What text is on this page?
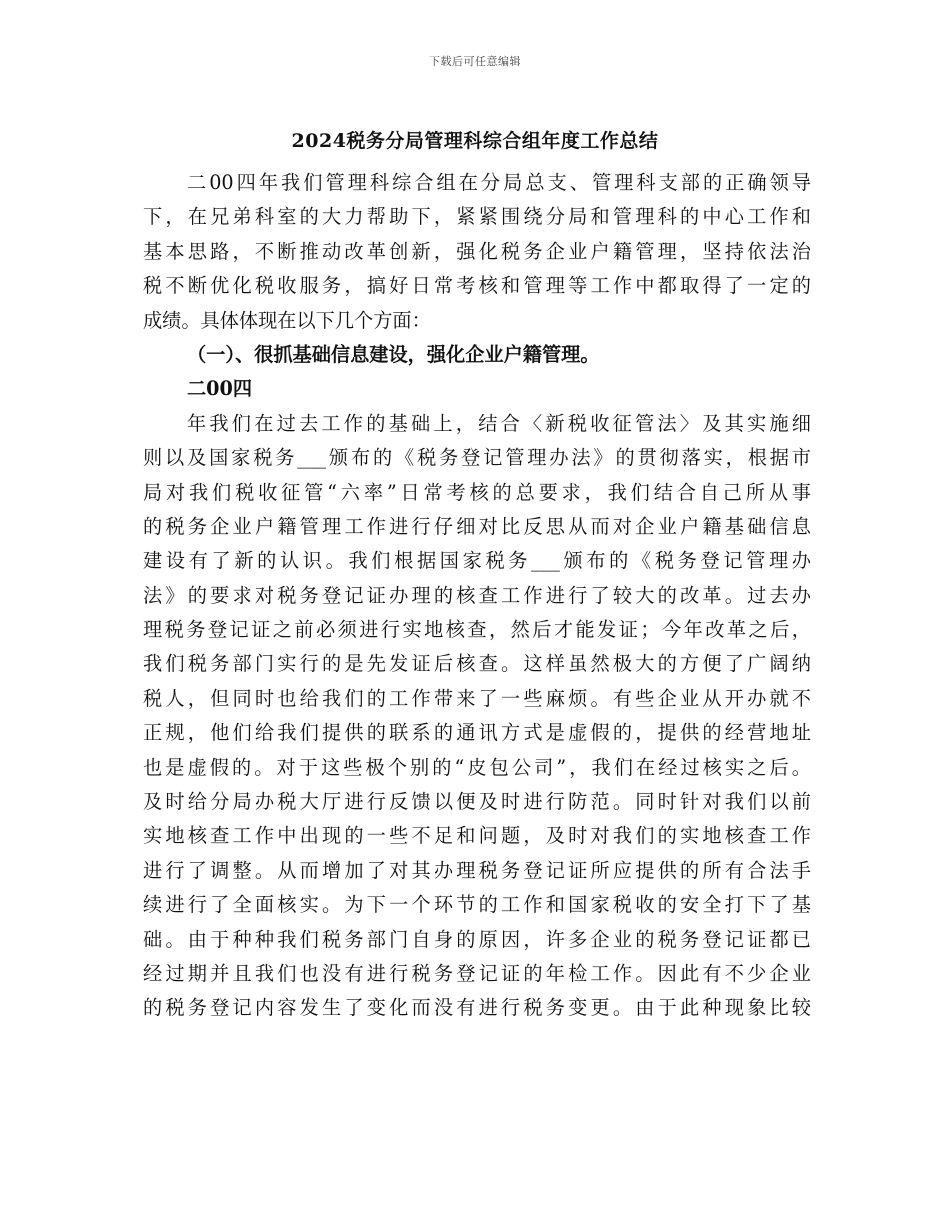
下载后可任意编辑
2024税务分局管理科综合组年度工作总结
二00四年我们管理科综合组在分局总支、管理科支部的正确领导
下，在兄弟科室的大力帮助下，紧紧围绕分局和管理科的中心工作和
基本思路，不断推动改革创新，强化税务企业户籍管理，坚持依法治
税不断优化税收服务，搞好日常考核和管理等工作中都取得了一定的
成绩。具体体现在以下几个方面：
（一）、很抓基础信息建设，强化企业户籍管理。
二00四
年我们在过去工作的基础上，结合〈新税收征管法〉及其实施细
则以及国家税务___颁布的《税务登记管理办法》的贯彻落实，根据市
局对我们税收征管“六率”日常考核的总要求，我们结合自己所从事
的税务企业户籍管理工作进行仔细对比反思从而对企业户籍基础信息
建设有了新的认识。我们根据国家税务___颁布的《税务登记管理办
法》的要求对税务登记证办理的核查工作进行了较大的改革。过去办
理税务登记证之前必须进行实地核查，然后才能发证；今年改革之后，
我们税务部门实行的是先发证后核查。这样虽然极大的方便了广阔纳
税人，但同时也给我们的工作带来了一些麻烦。有些企业从开办就不
正规，他们给我们提供的联系的通讯方式是虚假的，提供的经营地址
也是虚假的。对于这些极个别的“皮包公司”，我们在经过核实之后。
及时给分局办税大厅进行反馈以便及时进行防范。同时针对我们以前
实地核查工作中出现的一些不足和问题，及时对我们的实地核查工作
进行了调整。从而增加了对其办理税务登记证所应提供的所有合法手
续进行了全面核实。为下一个环节的工作和国家税收的安全打下了基
础。由于种种我们税务部门自身的原因，许多企业的税务登记证都已
经过期并且我们也没有进行税务登记证的年检工作。因此有不少企业
的税务登记内容发生了变化而没有进行税务变更。由于此种现象比较
